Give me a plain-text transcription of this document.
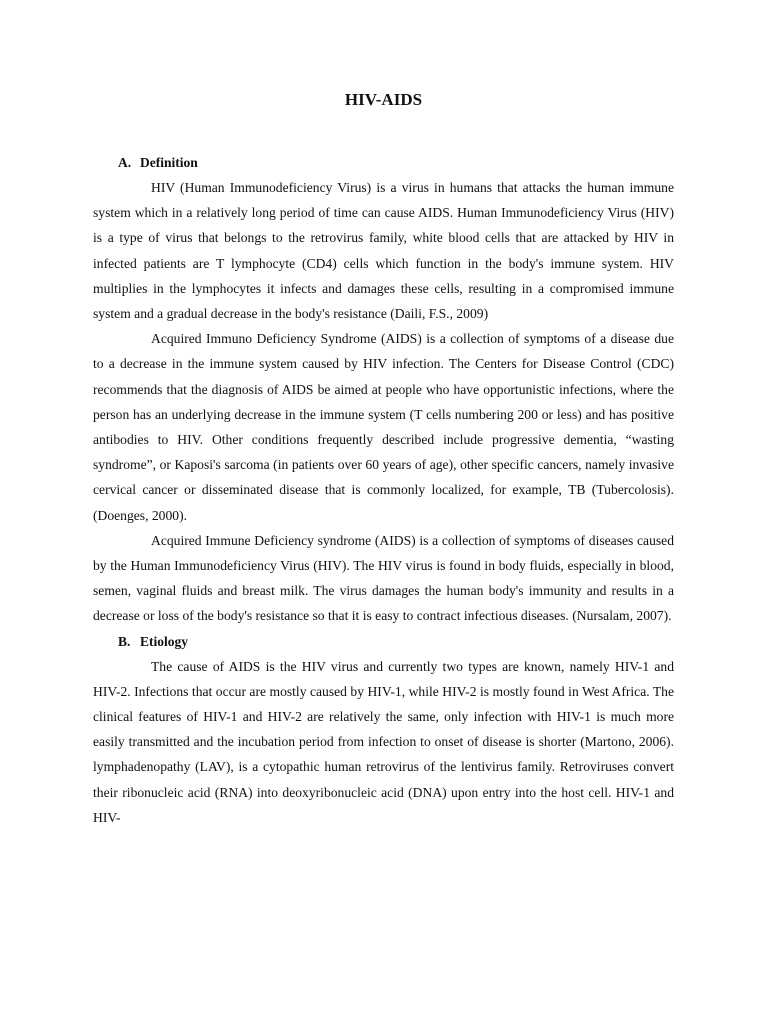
HIV-AIDS
A. Definition

HIV (Human Immunodeficiency Virus) is a virus in humans that attacks the human immune system which in a relatively long period of time can cause AIDS. Human Immunodeficiency Virus (HIV) is a type of virus that belongs to the retrovirus family, white blood cells that are attacked by HIV in infected patients are T lymphocyte (CD4) cells which function in the body's immune system. HIV multiplies in the lymphocytes it infects and damages these cells, resulting in a compromised immune system and a gradual decrease in the body's resistance (Daili, F.S., 2009)

Acquired Immuno Deficiency Syndrome (AIDS) is a collection of symptoms of a disease due to a decrease in the immune system caused by HIV infection. The Centers for Disease Control (CDC) recommends that the diagnosis of AIDS be aimed at people who have opportunistic infections, where the person has an underlying decrease in the immune system (T cells numbering 200 or less) and has positive antibodies to HIV. Other conditions frequently described include progressive dementia, “wasting syndrome”, or Kaposi's sarcoma (in patients over 60 years of age), other specific cancers, namely invasive cervical cancer or disseminated disease that is commonly localized, for example, TB (Tubercolosis). (Doenges, 2000).

Acquired Immune Deficiency syndrome (AIDS) is a collection of symptoms of diseases caused by the Human Immunodeficiency Virus (HIV). The HIV virus is found in body fluids, especially in blood, semen, vaginal fluids and breast milk. The virus damages the human body's immunity and results in a decrease or loss of the body's resistance so that it is easy to contract infectious diseases. (Nursalam, 2007).

B. Etiology

The cause of AIDS is the HIV virus and currently two types are known, namely HIV-1 and HIV-2. Infections that occur are mostly caused by HIV-1, while HIV-2 is mostly found in West Africa. The clinical features of HIV-1 and HIV-2 are relatively the same, only infection with HIV-1 is much more easily transmitted and the incubation period from infection to onset of disease is shorter (Martono, 2006). lymphadenopathy (LAV), is a cytopathic human retrovirus of the lentivirus family. Retroviruses convert their ribonucleic acid (RNA) into deoxyribonucleic acid (DNA) upon entry into the host cell. HIV-1 and HIV-
